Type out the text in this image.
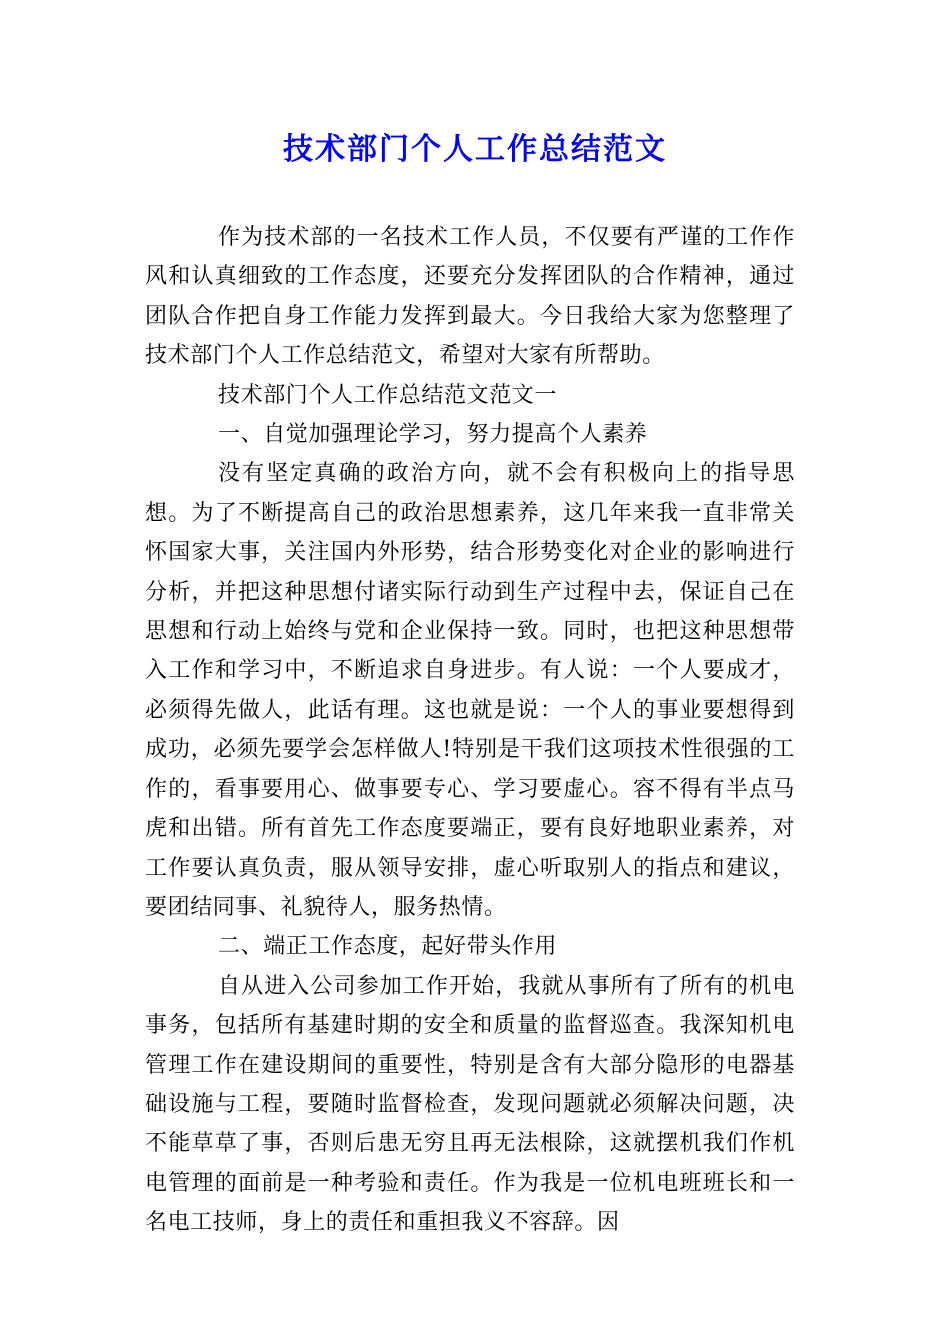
技术部门个人工作总结范文

作为技术部的一名技术工作人员，不仅要有严谨的工作作风和认真细致的工作态度，还要充分发挥团队的合作精神，通过团队合作把自身工作能力发挥到最大。今日我给大家为您整理了技术部门个人工作总结范文，希望对大家有所帮助。

技术部门个人工作总结范文范文一

一、自觉加强理论学习，努力提高个人素养

没有坚定真确的政治方向，就不会有积极向上的指导思想。为了不断提高自己的政治思想素养，这几年来我一直非常关怀国家大事，关注国内外形势，结合形势变化对企业的影响进行分析，并把这种思想付诸实际行动到生产过程中去，保证自己在思想和行动上始终与党和企业保持一致。同时，也把这种思想带入工作和学习中，不断追求自身进步。有人说：一个人要成才，必须得先做人，此话有理。这也就是说：一个人的事业要想得到成功，必须先要学会怎样做人!特别是干我们这项技术性很强的工作的，看事要用心、做事要专心、学习要虚心。容不得有半点马虎和出错。所有首先工作态度要端正，要有良好地职业素养，对工作要认真负责，服从领导安排，虚心听取别人的指点和建议，要团结同事、礼貌待人，服务热情。

二、端正工作态度，起好带头作用

自从进入公司参加工作开始，我就从事所有了所有的机电事务，包括所有基建时期的安全和质量的监督巡查。我深知机电管理工作在建设期间的重要性，特别是含有大部分隐形的电器基础设施与工程，要随时监督检查，发现问题就必须解决问题，决不能草草了事，否则后患无穷且再无法根除，这就摆机我们作机电管理的面前是一种考验和责任。作为我是一位机电班班长和一名电工技师，身上的责任和重担我义不容辞。因
